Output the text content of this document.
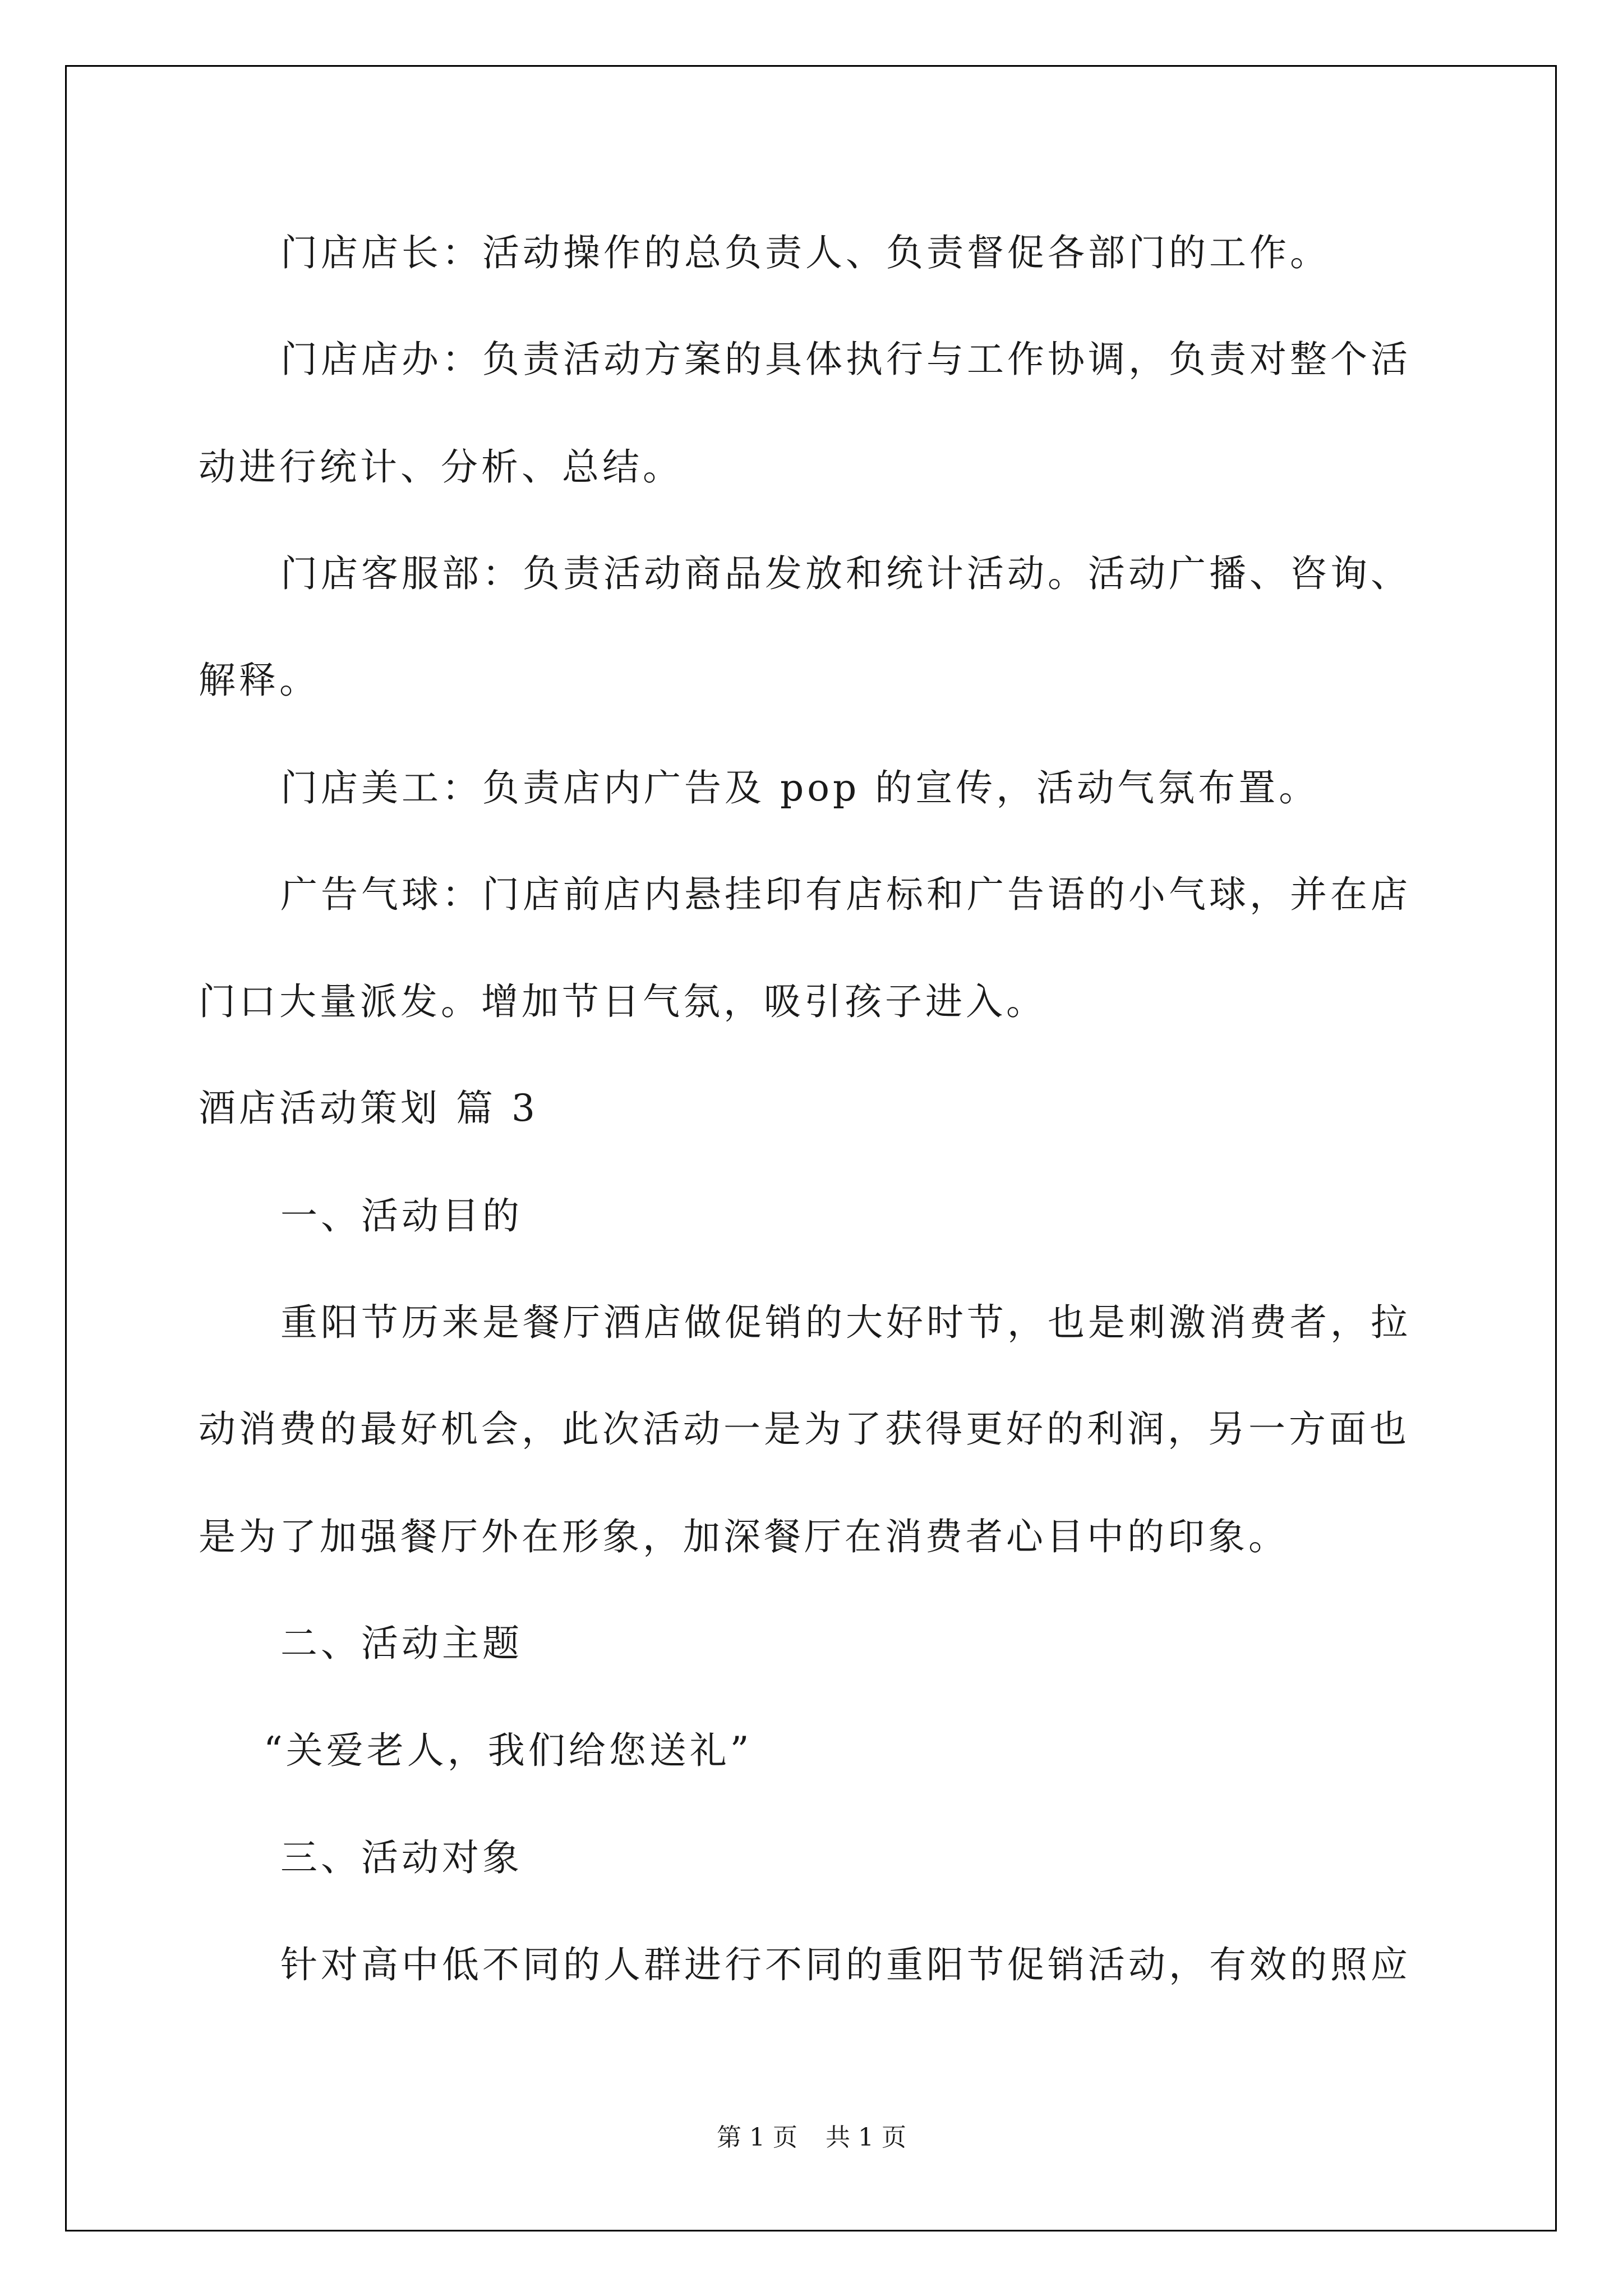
门店店长：活动操作的总负责人、负责督促各部门的工作。
门店店办：负责活动方案的具体执行与工作协调，负责对整个活
动进行统计、分析、总结。
门店客服部：负责活动商品发放和统计活动。活动广播、咨询、
解释。
门店美工：负责店内广告及 pop 的宣传，活动气氛布置。
广告气球：门店前店内悬挂印有店标和广告语的小气球，并在店
门口大量派发。增加节日气氛，吸引孩子进入。
酒店活动策划 篇 3
一、活动目的
重阳节历来是餐厅酒店做促销的大好时节，也是刺激消费者，拉
动消费的最好机会，此次活动一是为了获得更好的利润，另一方面也
是为了加强餐厅外在形象，加深餐厅在消费者心目中的印象。
二、活动主题
“关爱老人，我们给您送礼”
三、活动对象
针对高中低不同的人群进行不同的重阳节促销活动，有效的照应
第 1 页 共 1 页
